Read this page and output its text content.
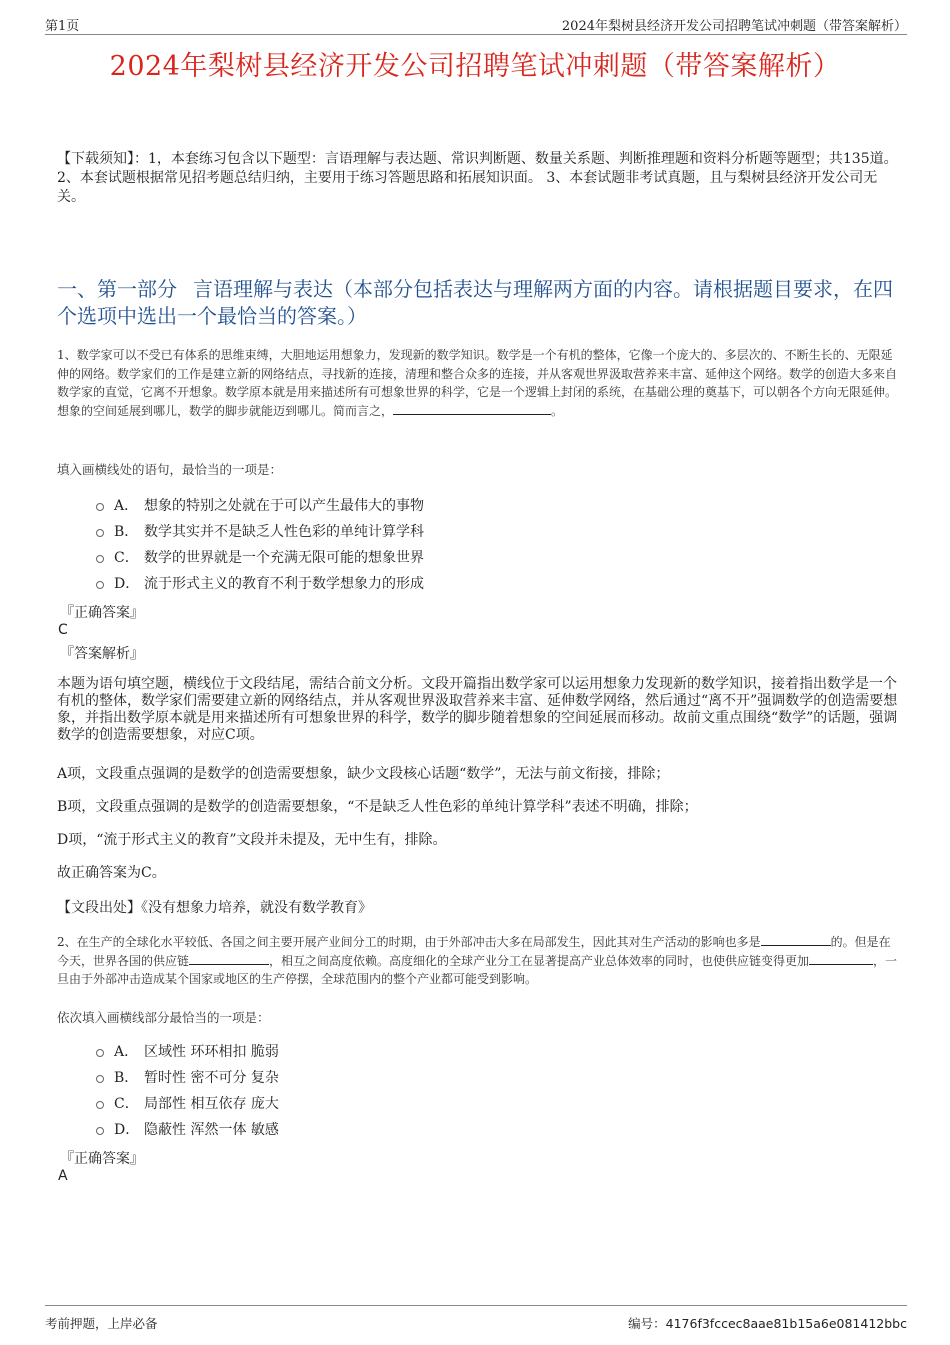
第1页	2024年梨树县经济开发公司招聘笔试冲刺题（带答案解析）
2024年梨树县经济开发公司招聘笔试冲刺题（带答案解析）
【下载须知】：1，本套练习包含以下题型：言语理解与表达题、常识判断题、数量关系题、判断推理题和资料分析题等题型；共135道。 2、本套试题根据常见招考题总结归纳，主要用于练习答题思路和拓展知识面。 3、本套试题非考试真题，且与梨树县经济开发公司无关。
一、第一部分 言语理解与表达（本部分包括表达与理解两方面的内容。请根据题目要求，在四个选项中选出一个最恰当的答案。）
1、数学家可以不受已有体系的思维束缚，大胆地运用想象力，发现新的数学知识。数学是一个有机的整体，它像一个庞大的、多层次的、不断生长的、无限延伸的网络。数学家们的工作是建立新的网络结点，寻找新的连接，清理和整合众多的连接，并从客观世界汲取营养来丰富、延伸这个网络。数学的创造大多来自数学家的直觉，它离不开想象。数学原本就是用来描述所有可想象世界的科学，它是一个逻辑上封闭的系统，在基础公理的奠基下，可以朝各个方向无限延伸。想象的空间延展到哪儿，数学的脚步就能迈到哪儿。简而言之，	。
填入画横线处的语句，最恰当的一项是：
A． 想象的特别之处就在于可以产生最伟大的事物
B． 数学其实并不是缺乏人性色彩的单纯计算学科
C． 数学的世界就是一个充满无限可能的想象世界
D． 流于形式主义的教育不利于数学想象力的形成
『正确答案』
C
『答案解析』
本题为语句填空题，横线位于文段结尾，需结合前文分析。文段开篇指出数学家可以运用想象力发现新的数学知识，接着指出数学是一个有机的整体，数学家们需要建立新的网络结点，并从客观世界汲取营养来丰富、延伸数学网络，然后通过“离不开”强调数学的创造需要想象，并指出数学原本就是用来描述所有可想象世界的科学，数学的脚步随着想象的空间延展而移动。故前文重点围绕“数学”的话题，强调数学的创造需要想象，对应C项。
A项，文段重点强调的是数学的创造需要想象，缺少文段核心话题“数学”，无法与前文衔接，排除；
B项，文段重点强调的是数学的创造需要想象，“不是缺乏人性色彩的单纯计算学科”表述不明确，排除；
D项，“流于形式主义的教育”文段并未提及，无中生有，排除。
故正确答案为C。
【文段出处】《没有想象力培养，就没有数学教育》
2、在生产的全球化水平较低、各国之间主要开展产业间分工的时期，由于外部冲击大多在局部发生，因此其对生产活动的影响也多是	的。但是在今天，世界各国的供应链	，相互之间高度依赖。高度细化的全球产业分工在显著提高产业总体效率的同时，也使供应链变得更加	，一旦由于外部冲击造成某个国家或地区的生产停摆，全球范围内的整个产业都可能受到影响。
依次填入画横线部分最恰当的一项是：
A． 区域性 环环相扣 脆弱
B． 暂时性 密不可分 复杂
C． 局部性 相互依存 庞大
D． 隐蔽性 浑然一体 敏感
『正确答案』
A
考前押题，上岸必备	编号：4176f3fccec8aae81b15a6e081412bbc
